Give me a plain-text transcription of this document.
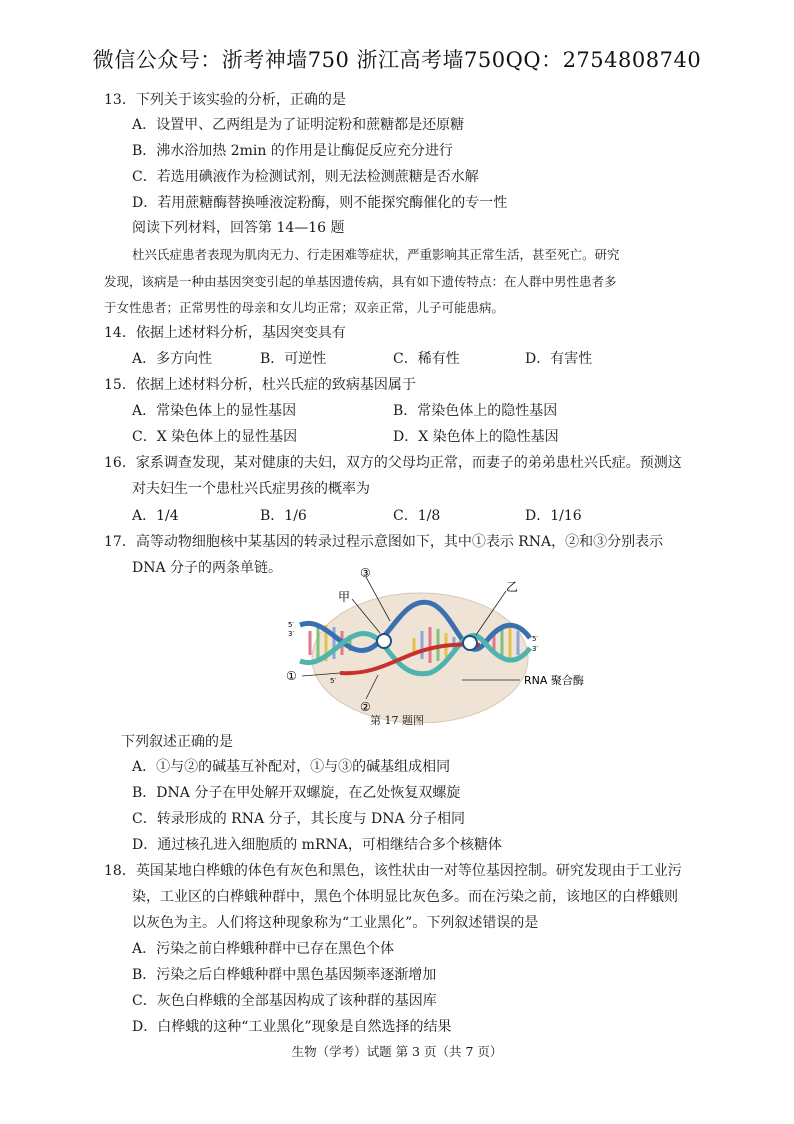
微信公众号：浙考神墙750 浙江高考墙750QQ：2754808740
13．下列关于该实验的分析，正确的是
A．设置甲、乙两组是为了证明淀粉和蔗糖都是还原糖
B．沸水浴加热 2min 的作用是让酶促反应充分进行
C．若选用碘液作为检测试剂，则无法检测蔗糖是否水解
D．若用蔗糖酶替换唾液淀粉酶，则不能探究酶催化的专一性
阅读下列材料，回答第 14—16 题
杜兴氏症患者表现为肌肉无力、行走困难等症状，严重影响其正常生活，甚至死亡。研究
发现，该病是一种由基因突变引起的单基因遗传病，具有如下遗传特点：在人群中男性患者多
于女性患者；正常男性的母亲和女儿均正常；双亲正常，儿子可能患病。
14．依据上述材料分析，基因突变具有
A．多方向性	B．可逆性	C．稀有性	D．有害性
15．依据上述材料分析，杜兴氏症的致病基因属于
A．常染色体上的显性基因	B．常染色体上的隐性基因
C．X 染色体上的显性基因	D．X 染色体上的隐性基因
16．家系调查发现，某对健康的夫妇，双方的父母均正常，而妻子的弟弟患杜兴氏症。预测这
对夫妇生一个患杜兴氏症男孩的概率为
A．1/4	B．1/6	C．1/8	D．1/16
17．高等动物细胞核中某基因的转录过程示意图如下，其中①表示 RNA，②和③分别表示
DNA 分子的两条单链。	③
甲
乙
①
②
RNA 聚合酶
5′
3′
5′
3′
5′
第 17 题图
下列叙述正确的是
A．①与②的碱基互补配对，①与③的碱基组成相同
B．DNA 分子在甲处解开双螺旋，在乙处恢复双螺旋
C．转录形成的 RNA 分子，其长度与 DNA 分子相同
D．通过核孔进入细胞质的 mRNA，可相继结合多个核糖体
18．英国某地白桦蛾的体色有灰色和黑色，该性状由一对等位基因控制。研究发现由于工业污
染，工业区的白桦蛾种群中，黑色个体明显比灰色多。而在污染之前，该地区的白桦蛾则
以灰色为主。人们将这种现象称为“工业黑化”。下列叙述错误的是
A．污染之前白桦蛾种群中已存在黑色个体
B．污染之后白桦蛾种群中黑色基因频率逐渐增加
C．灰色白桦蛾的全部基因构成了该种群的基因库
D．白桦蛾的这种“工业黑化”现象是自然选择的结果
生物（学考）试题 第 3 页（共 7 页）
